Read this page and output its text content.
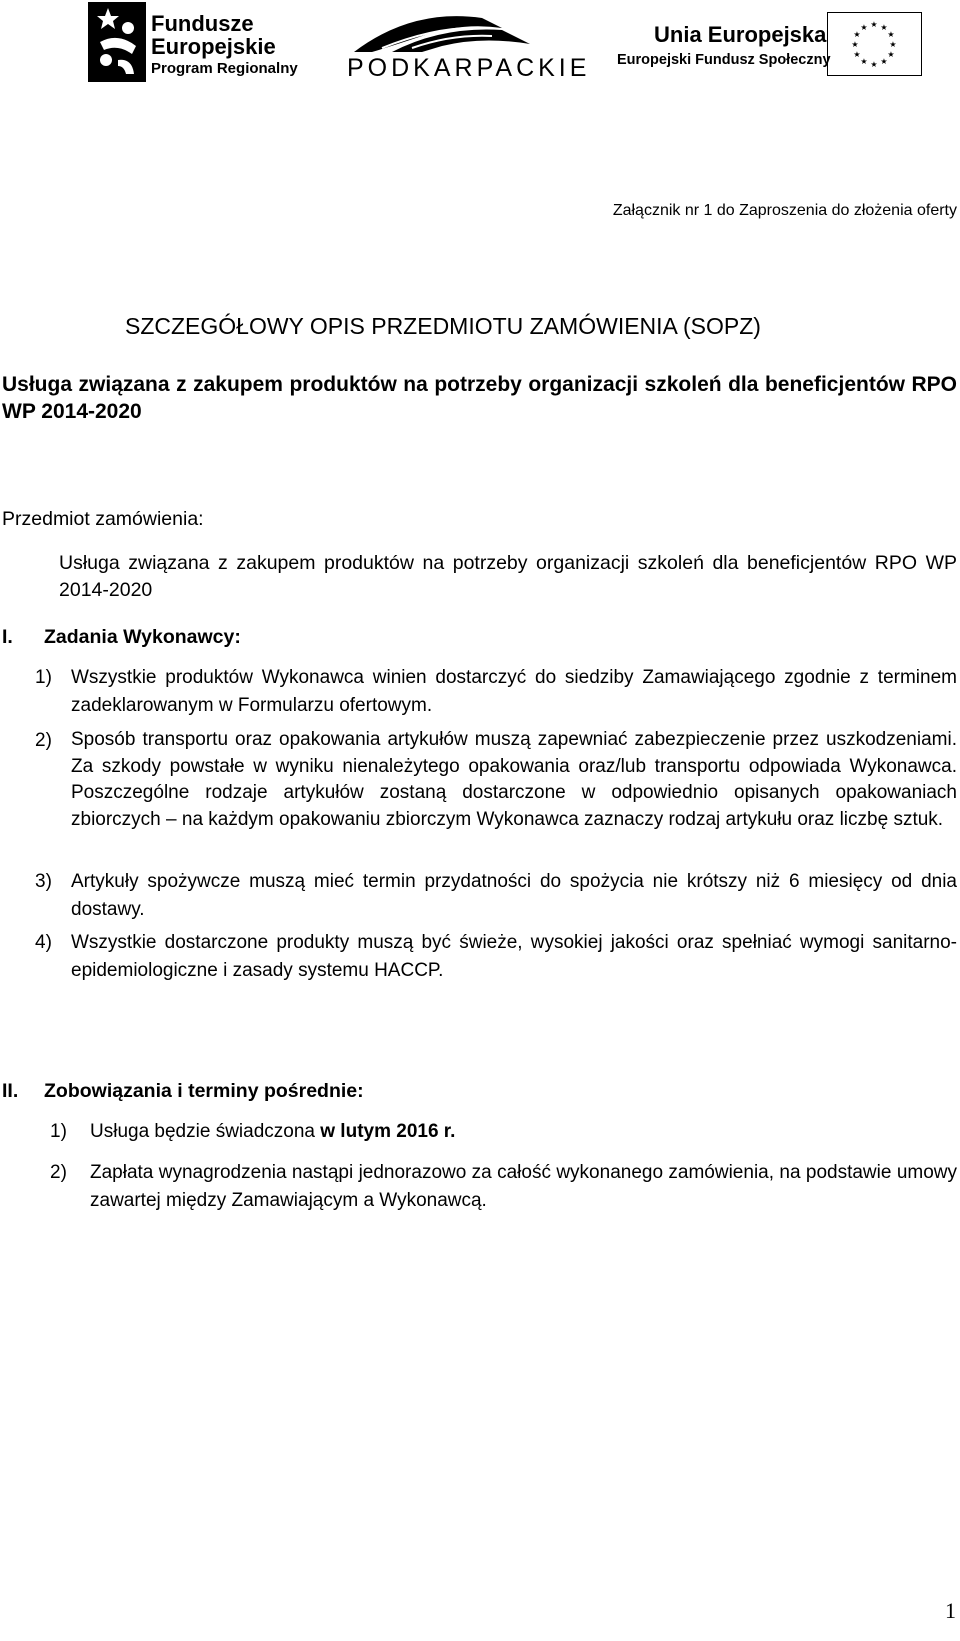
Fundusze
Europejskie
Program Regionalny PODKARPACKIE
Unia Europejska
Europejski Fundusz Społeczny
★ ★
★
★
★
★
★
★
★
★
★
★
Załącznik nr 1 do Zaproszenia do złożenia oferty
SZCZEGÓŁOWY OPIS PRZEDMIOTU ZAMÓWIENIA (SOPZ)
Usługa związana z zakupem produktów na potrzeby organizacji szkoleń dla beneficjentów RPO WP 2014-2020
Przedmiot zamówienia:
Usługa związana z zakupem produktów na potrzeby organizacji szkoleń dla beneficjentów RPO WP 2014-2020
I. Zadania Wykonawcy:
1) Wszystkie produktów Wykonawca winien dostarczyć do siedziby Zamawiającego zgodnie z terminem zadeklarowanym w Formularzu ofertowym.
2) Sposób transportu oraz opakowania artykułów muszą zapewniać zabezpieczenie przez uszkodzeniami. Za szkody powstałe w wyniku nienależytego opakowania oraz/lub transportu odpowiada Wykonawca. Poszczególne rodzaje artykułów zostaną dostarczone w odpowiednio opisanych opakowaniach zbiorczych – na każdym opakowaniu zbiorczym Wykonawca zaznaczy rodzaj artykułu oraz liczbę sztuk.
3) Artykuły spożywcze muszą mieć termin przydatności do spożycia nie krótszy niż 6 miesięcy od dnia dostawy.
4) Wszystkie dostarczone produkty muszą być świeże, wysokiej jakości oraz spełniać wymogi sanitarno-epidemiologiczne i zasady systemu HACCP.
II. Zobowiązania i terminy pośrednie:
1) Usługa będzie świadczona w lutym 2016 r.
2) Zapłata wynagrodzenia nastąpi jednorazowo za całość wykonanego zamówienia, na podstawie umowy zawartej między Zamawiającym a Wykonawcą.
1
